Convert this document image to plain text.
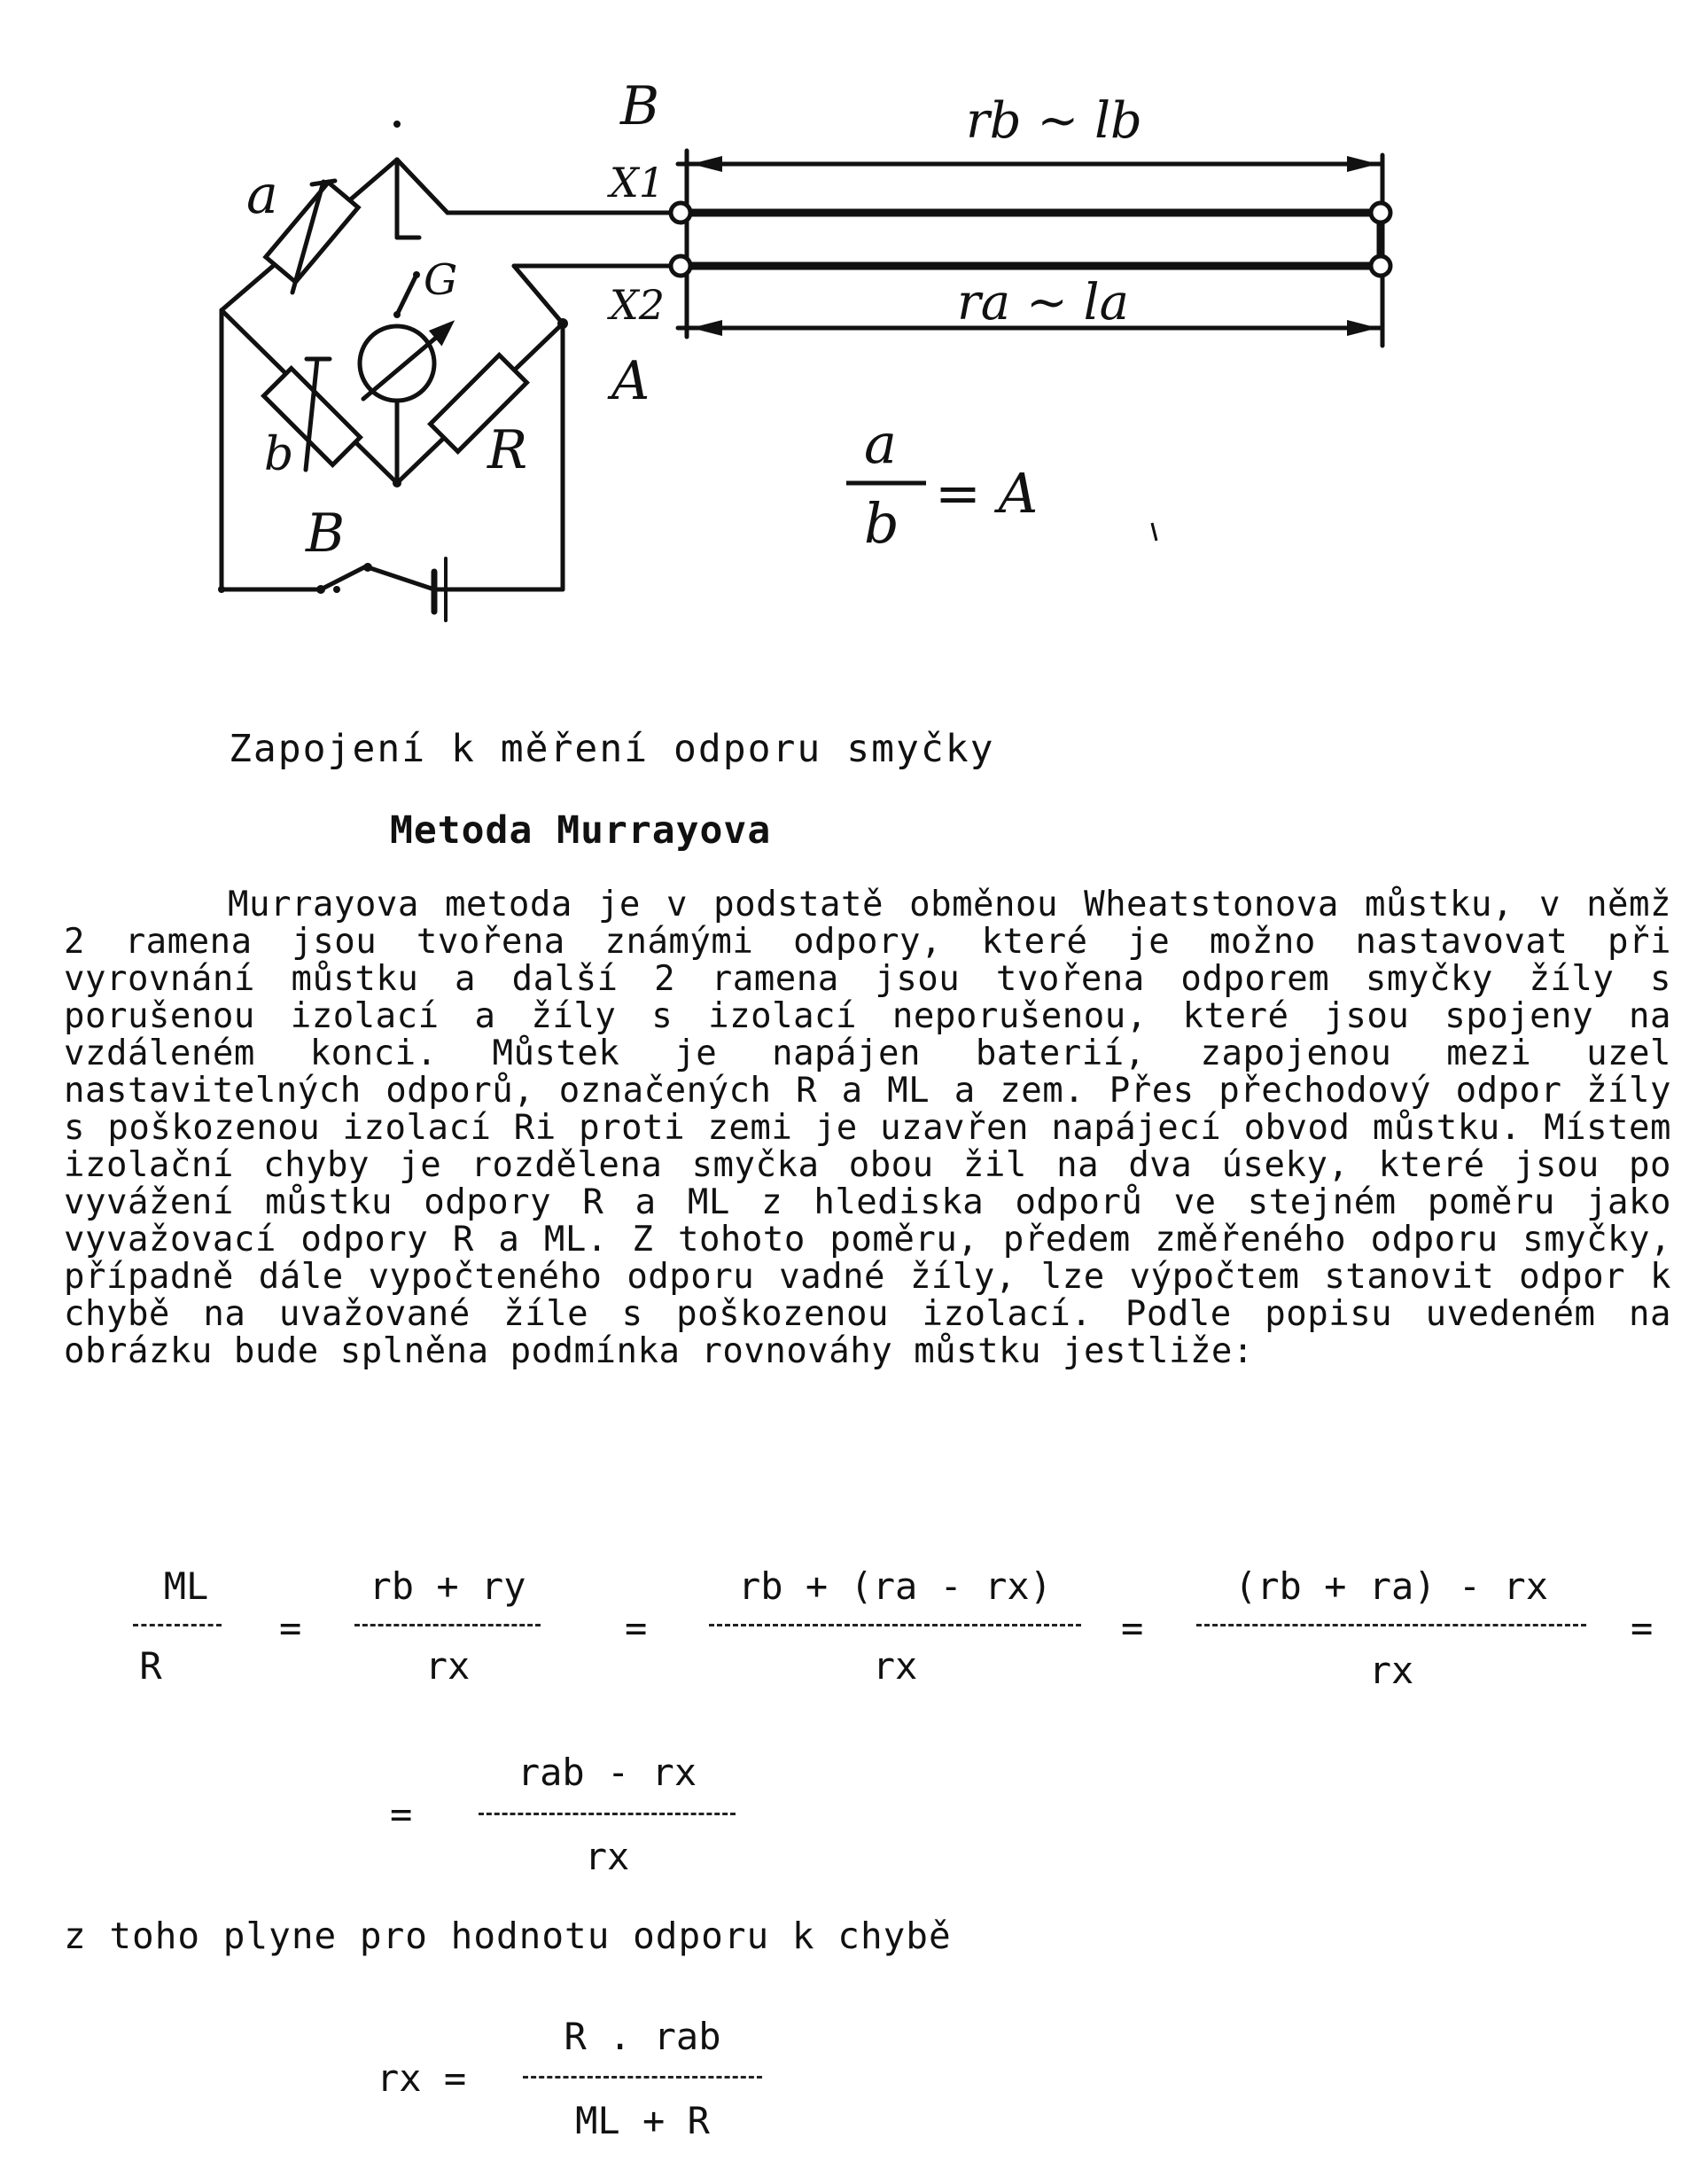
B
X1
X2
A
a
b	R
G
B
rb ~ lb
ra ~ la
a
b = A
Zapojení k měření odporu smyčky
Metoda Murrayova
Murrayova metoda je v podstatě obměnou Wheatstonova můstku, v němž 2 ramena jsou tvořena známými odpory, které je možno nastavovat při vyrovnání můstku a další 2 ramena jsou tvořena odporem smyčky žíly s porušenou izolací a žíly s izolací neporušenou, které jsou spojeny na vzdáleném konci. Můstek je napájen baterií, zapojenou mezi uzel nastavitelných odporů, označených R a ML a zem. Přes přechodový odpor žíly s poškozenou izolací Ri proti zemi je uzavřen napájecí obvod můstku. Místem izolační chyby je rozdělena smyčka obou žil na dva úseky, které jsou po vyvážení můstku odpory R a ML z hlediska odporů ve stejném poměru jako vyvažovací odpory R a ML. Z tohoto poměru, předem změřeného odporu smyčky, případně dále vypočteného odporu vadné žíly, lze výpočtem stanovit odpor k chybě na uvažované žíle s poškozenou izolací. Podle popisu uvedeném na obrázku bude splněna podmínka rovnováhy můstku jestliže:
ML
R
=
rb + ry
rx
=
rb + (ra - rx)
rx
=
(rb + ra) - rx
rx
=
=
rab - rx
rx
z toho plyne pro hodnotu odporu k chybě
rx =
R . rab
ML + R
